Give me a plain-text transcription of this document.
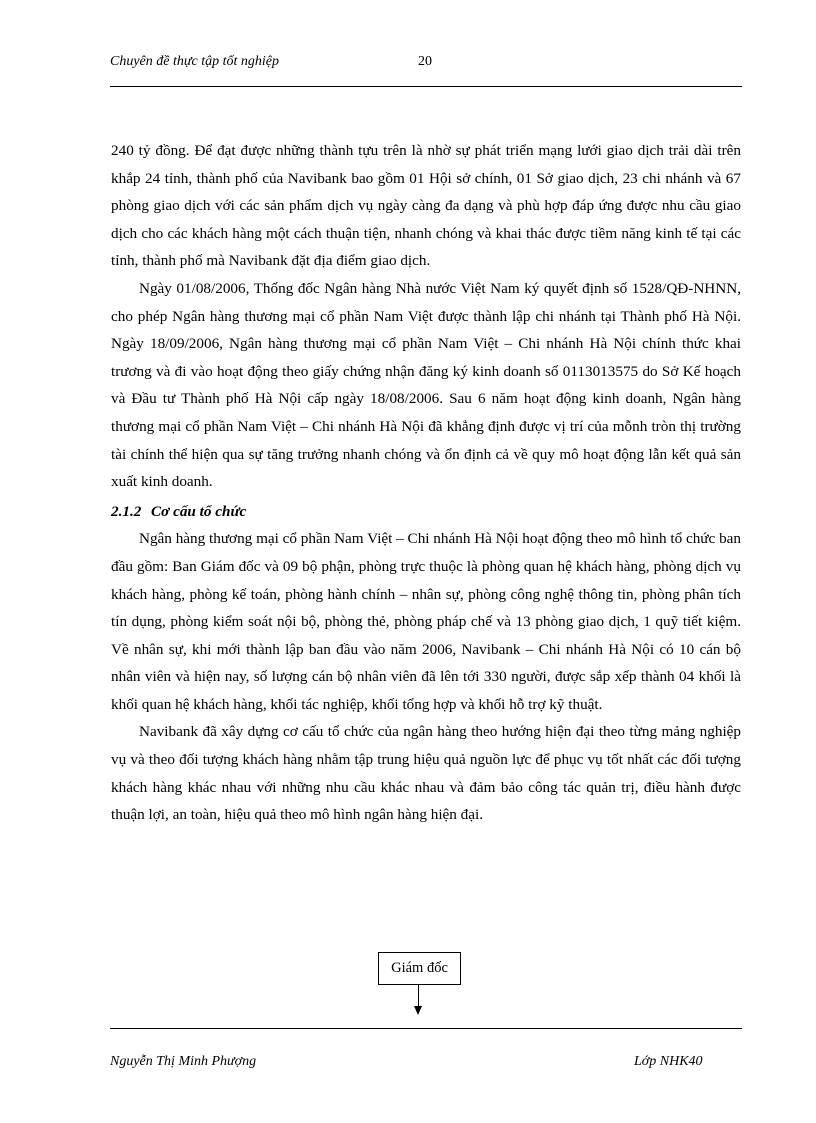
Chuyên đề thực tập tốt nghiệp	20

240 tỷ đồng. Để đạt được những thành tựu trên là nhờ sự phát triển mạng lưới giao dịch trải dài trên khắp 24 tỉnh, thành phố của Navibank bao gồm 01 Hội sở chính, 01 Sở giao dịch, 23 chi nhánh và 67 phòng giao dịch với các sản phẩm dịch vụ ngày càng đa dạng và phù hợp đáp ứng được nhu cầu giao dịch cho các khách hàng một cách thuận tiện, nhanh chóng và khai thác được tiềm năng kinh tế tại các tỉnh, thành phố mà Navibank đặt địa điểm giao dịch.

Ngày 01/08/2006, Thống đốc Ngân hàng Nhà nước Việt Nam ký quyết định số 1528/QĐ-NHNN, cho phép Ngân hàng thương mại cổ phần Nam Việt được thành lập chi nhánh tại Thành phố Hà Nội. Ngày 18/09/2006, Ngân hàng thương mại cổ phần Nam Việt – Chi nhánh Hà Nội chính thức khai trương và đi vào hoạt động theo giấy chứng nhận đăng ký kinh doanh số 0113013575 do Sở Kế hoạch và Đầu tư Thành phố Hà Nội cấp ngày 18/08/2006. Sau 6 năm hoạt động kinh doanh, Ngân hàng thương mại cổ phần Nam Việt – Chi nhánh Hà Nội đã khẳng định được vị trí của mỗnh tròn thị trường tài chính thể hiện qua sự tăng trưởng nhanh chóng và ổn định cả về quy mô hoạt động lẫn kết quả sản xuất kinh doanh.

2.1.2 Cơ cấu tổ chức

Ngân hàng thương mại cổ phần Nam Việt – Chi nhánh Hà Nội hoạt động theo mô hình tổ chức ban đầu gồm: Ban Giám đốc và 09 bộ phận, phòng trực thuộc là phòng quan hệ khách hàng, phòng dịch vụ khách hàng, phòng kế toán, phòng hành chính – nhân sự, phòng công nghệ thông tin, phòng phân tích tín dụng, phòng kiểm soát nội bộ, phòng thẻ, phòng pháp chế và 13 phòng giao dịch, 1 quỹ tiết kiệm. Về nhân sự, khi mới thành lập ban đầu vào năm 2006, Navibank – Chi nhánh Hà Nội có 10 cán bộ nhân viên và hiện nay, số lượng cán bộ nhân viên đã lên tới 330 người, được sắp xếp thành 04 khối là khối quan hệ khách hàng, khối tác nghiệp, khối tổng hợp và khối hỗ trợ kỹ thuật.

Navibank đã xây dựng cơ cấu tổ chức của ngân hàng theo hướng hiện đại theo từng mảng nghiệp vụ và theo đối tượng khách hàng nhằm tập trung hiệu quả nguồn lực để phục vụ tốt nhất các đối tượng khách hàng khác nhau với những nhu cầu khác nhau và đảm bảo công tác quản trị, điều hành được thuận lợi, an toàn, hiệu quả theo mô hình ngân hàng hiện đại.

Giám đốc
Nguyễn Thị Minh Phượng	Lớp NHK40
